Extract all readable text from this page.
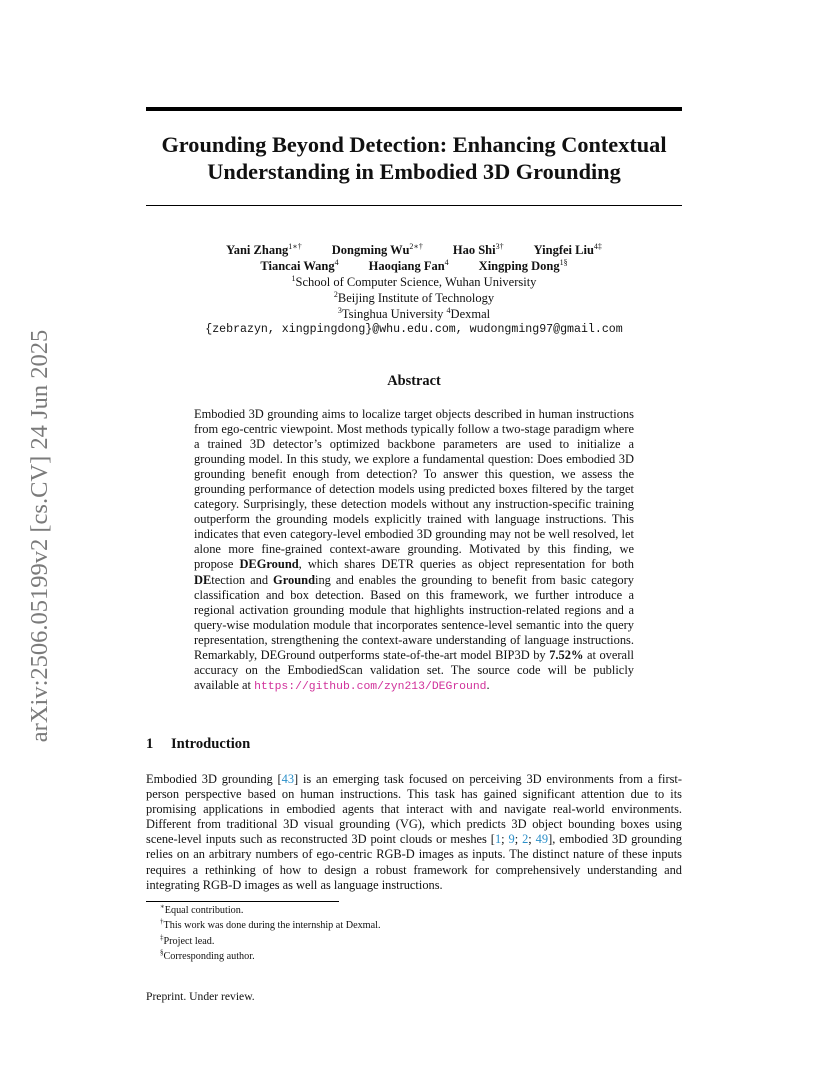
arXiv:2506.05199v2 [cs.CV] 24 Jun 2025
Grounding Beyond Detection: Enhancing Contextual
Understanding in Embodied 3D Grounding
Yani Zhang$^{1∗\dagger}$ Dongming $Wu^{2∗\dagger}$ Hao Shi$^{3\dagger}$ Yingfei Liu$^{4\ddagger}$
Tiancai Wang$^4$ Haoqiang Fan$^4$ Xingping Dong$^{1\S}$
$^1$School of Computer Science, Wuhan University
$^2$Beijing Institute of Technology
$^3$Tsinghua University $^4$Dexmal
{zebrazyn, xingpingdong}@whu.edu.com, wudongming97@gmail.com
Abstract

Embodied 3D grounding aims to localize target objects described in human instructions from ego-centric viewpoint. Most methods typically follow a two-stage paradigm where a trained 3D detector’s optimized backbone parameters are used to initialize a grounding model. In this study, we explore a fundamental question: Does embodied 3D grounding benefit enough from detection? To answer this question, we assess the grounding performance of detection models using predicted boxes filtered by the target category. Surprisingly, these detection models without any instruction-specific training outperform the grounding models explicitly trained with language instructions. This indicates that even category-level embodied 3D grounding may not be well resolved, let alone more fine-grained context-aware grounding. Motivated by this finding, we propose DEGround, which shares DETR queries as object representation for both DEtection and Grounding and enables the grounding to benefit from basic category classification and box detection. Based on this framework, we further introduce a regional activation grounding module that highlights instruction-related regions and a query-wise modulation module that incorporates sentence-level semantic into the query representation, strengthening the context-aware understanding of language instructions. Remarkably, DEGround outperforms state-of-the-art model BIP3D by 7.52% at overall accuracy on the EmbodiedScan validation set. The source code will be publicly available at https://github.com/zyn213/DEGround.

1 Introduction

Embodied 3D grounding [43] is an emerging task focused on perceiving 3D environments from a first-person perspective based on human instructions. This task has gained significant attention due to its promising applications in embodied agents that interact with and navigate real-world environments. Different from traditional 3D visual grounding (VG), which predicts 3D object bounding boxes using scene-level inputs such as reconstructed 3D point clouds or meshes [1; 9; 2; 49], embodied 3D grounding relies on an arbitrary numbers of ego-centric RGB-D images as inputs. The distinct nature of these inputs requires a rethinking of how to design a robust framework for comprehensively understanding and integrating RGB-D images as well as language instructions.

∗Equal contribution.
†This work was done during the internship at Dexmal.
‡Project lead.
§Corresponding author.
Preprint. Under review.
